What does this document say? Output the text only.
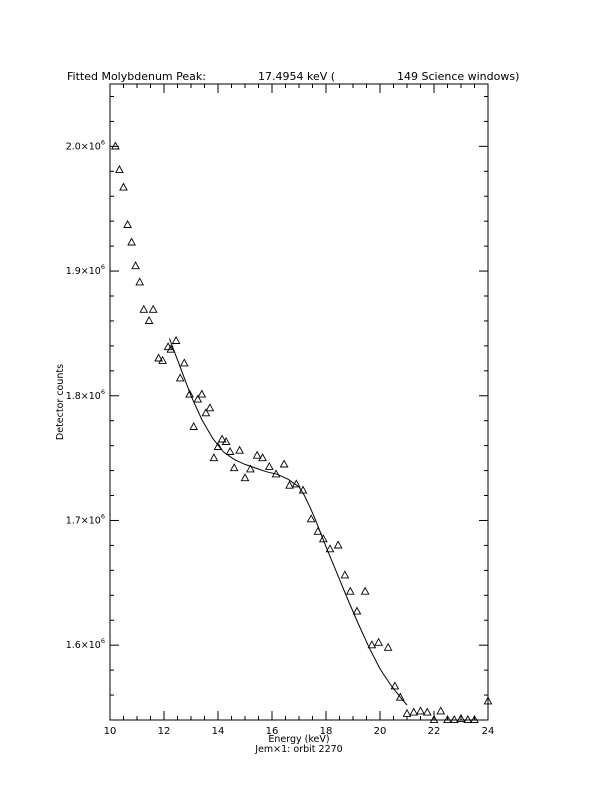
Fitted Molybdenum Peak:	17.4954 keV (	149 Science windows)
10	12	14	16	18	20	22	24
$1.6\times 10^6$
$1.7\times 10^6$
$1.8\times 10^6$
$1.9\times 10^6$
$2.0\times 10^6$
Energy (keV)
Jem×1: orbit 2270
Detector counts
